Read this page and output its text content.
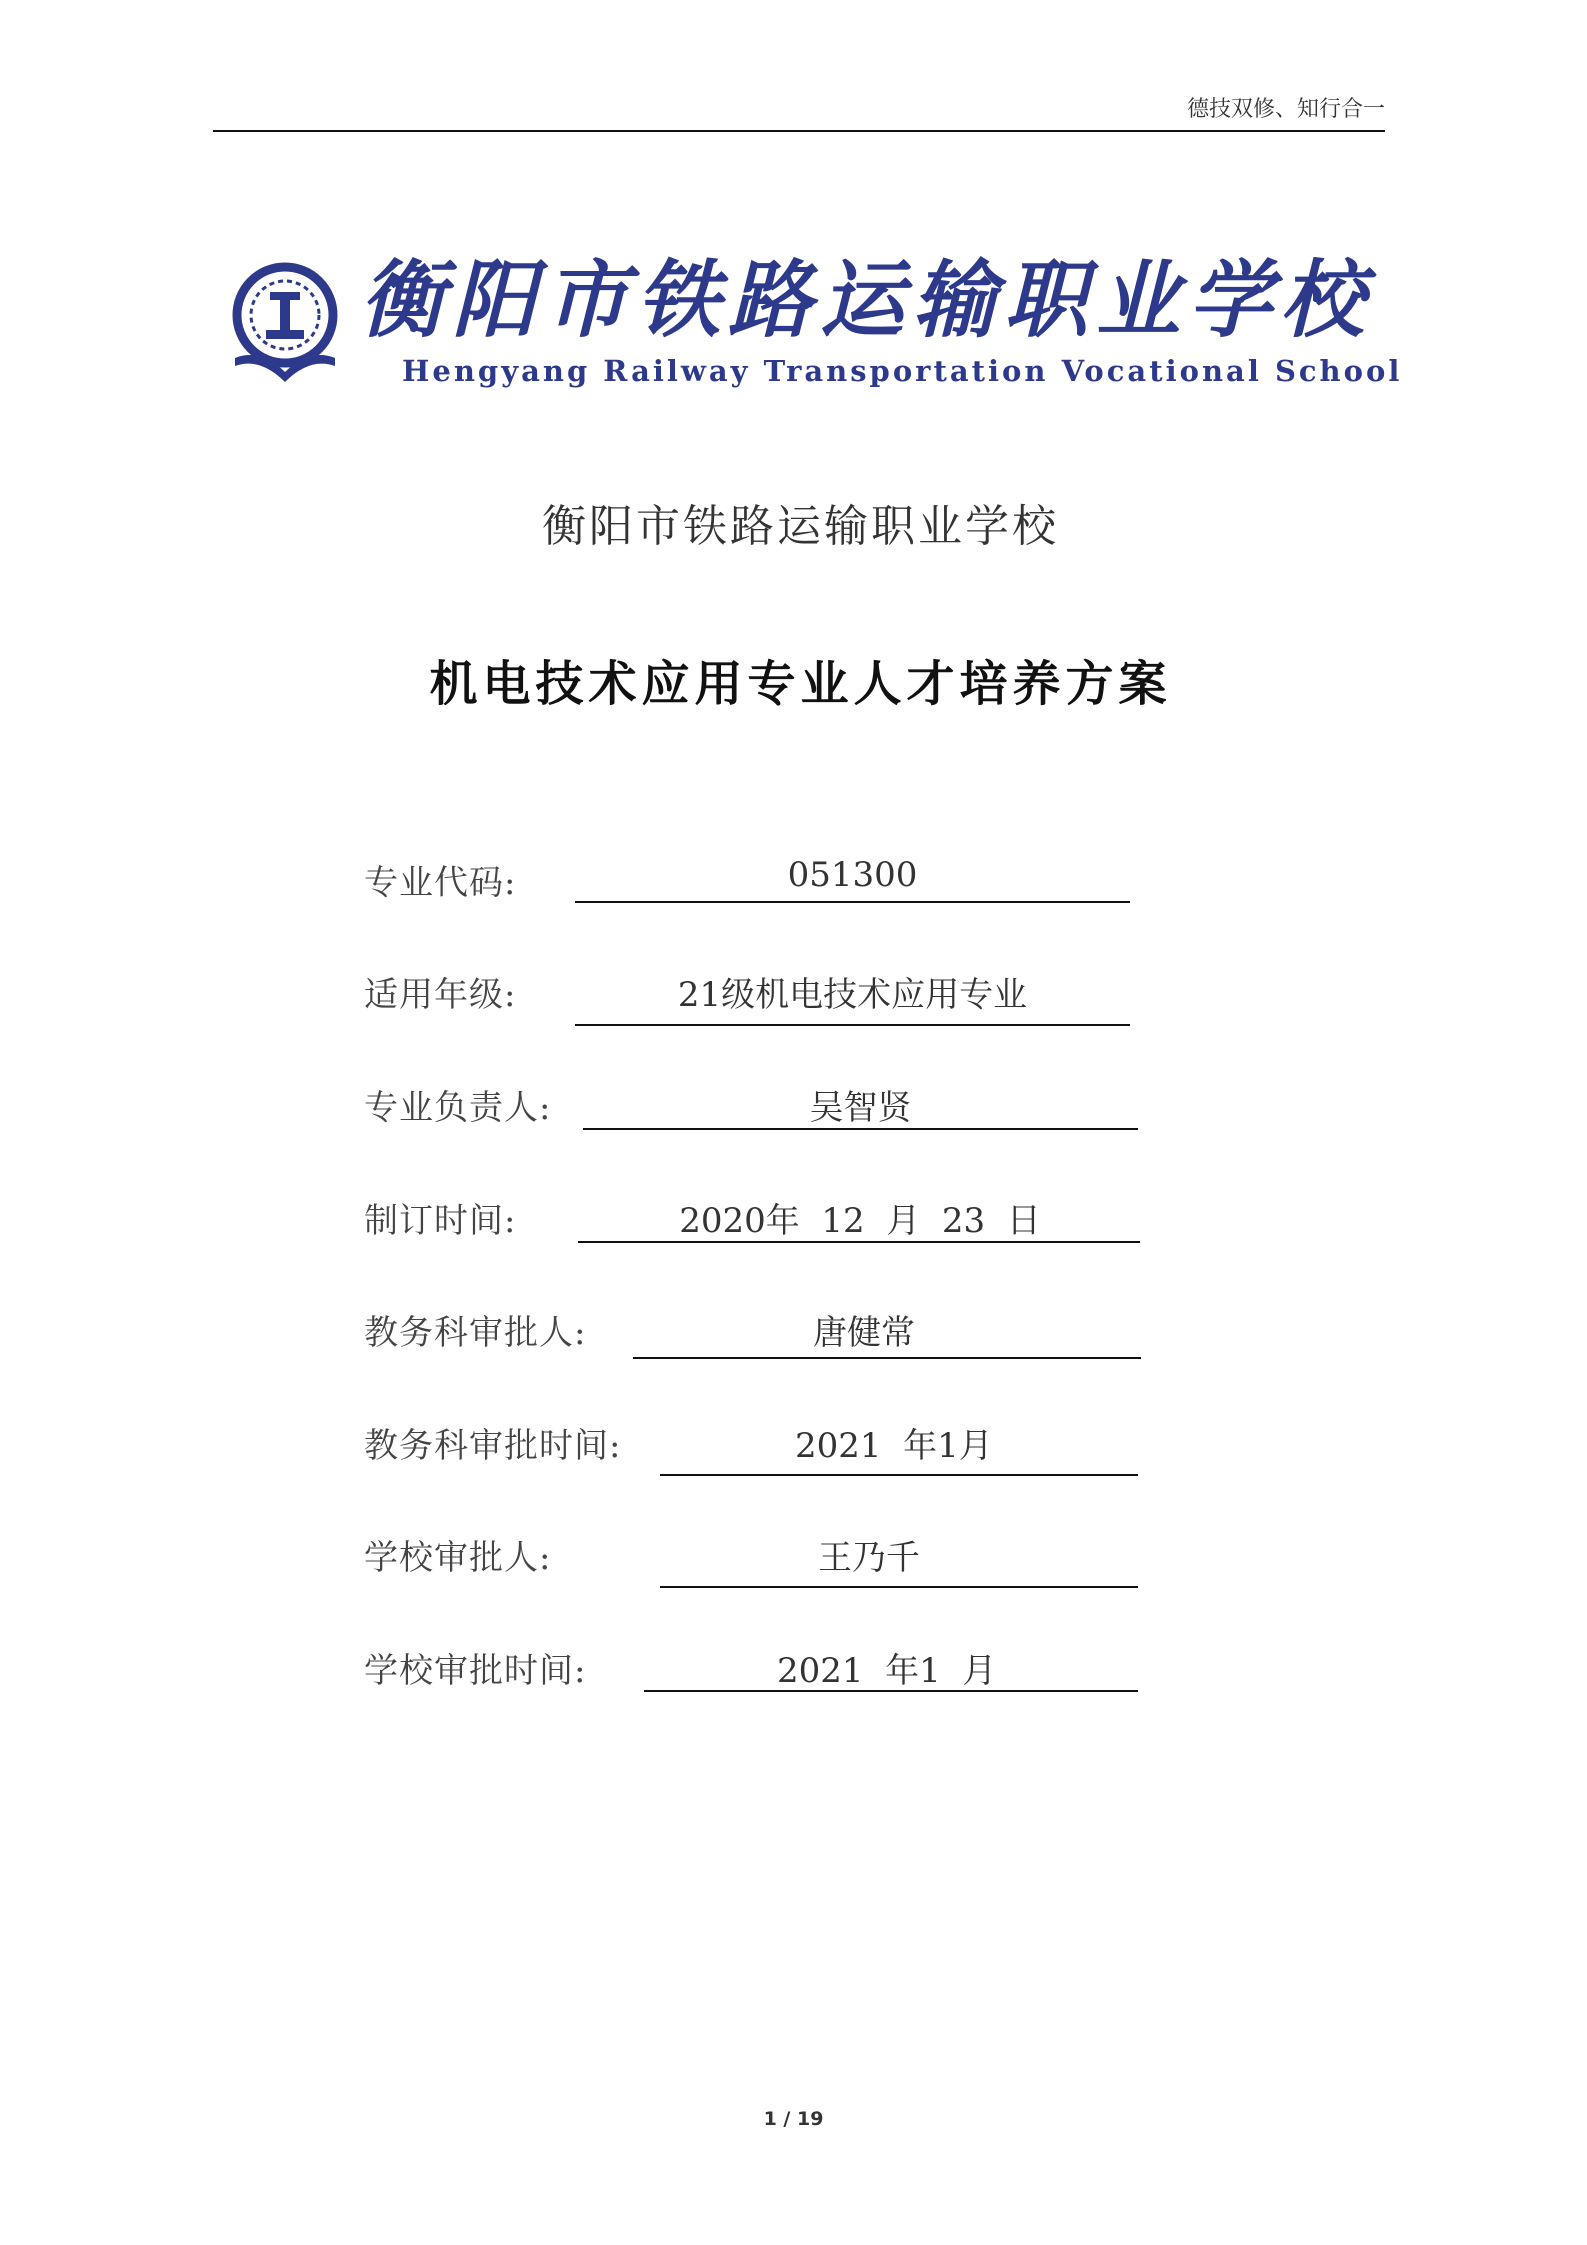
德技双修、知行合一
衡阳市铁路运输职业学校
Hengyang Railway Transportation Vocational School
衡阳市铁路运输职业学校
机电技术应用专业人才培养方案
专业代码:	051300
适用年级:	21级机电技术应用专业
专业负责人:	吴智贤
制订时间:	2020年  12  月  23  日
教务科审批人:	唐健常
教务科审批时间:	2021  年1月
学校审批人:	王乃千
学校审批时间:	2021  年1  月
1 / 19
